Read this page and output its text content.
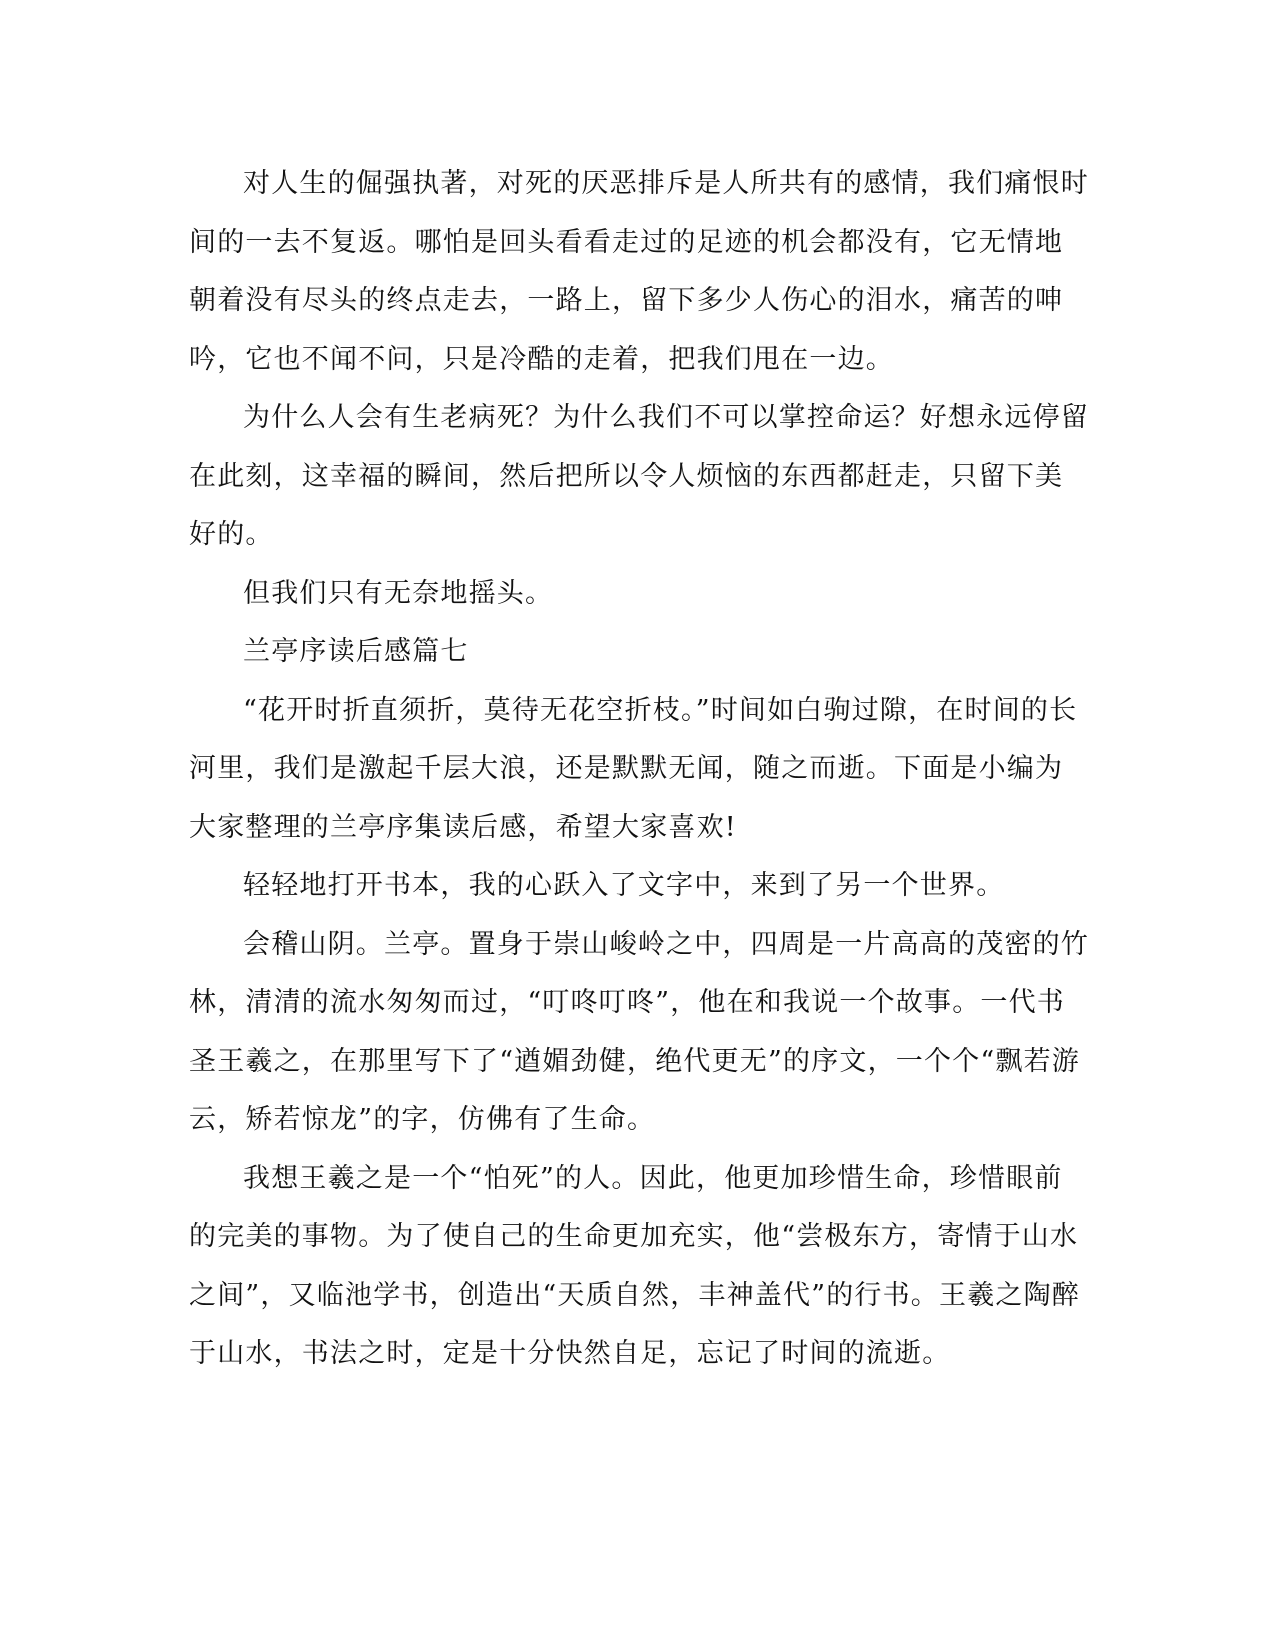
对人生的倔强执著，对死的厌恶排斥是人所共有的感情，我们痛恨时间的一去不复返。哪怕是回头看看走过的足迹的机会都没有，它无情地朝着没有尽头的终点走去，一路上，留下多少人伤心的泪水，痛苦的呻吟，它也不闻不问，只是冷酷的走着，把我们甩在一边。

为什么人会有生老病死？为什么我们不可以掌控命运？好想永远停留在此刻，这幸福的瞬间，然后把所以令人烦恼的东西都赶走，只留下美好的。

但我们只有无奈地摇头。

兰亭序读后感篇七

“花开时折直须折，莫待无花空折枝。”时间如白驹过隙，在时间的长河里，我们是激起千层大浪，还是默默无闻，随之而逝。下面是小编为大家整理的兰亭序集读后感，希望大家喜欢!

轻轻地打开书本，我的心跃入了文字中，来到了另一个世界。

会稽山阴。兰亭。置身于崇山峻岭之中，四周是一片高高的茂密的竹林，清清的流水匆匆而过，“叮咚叮咚”，他在和我说一个故事。一代书圣王羲之，在那里写下了“遒媚劲健，绝代更无”的序文，一个个“飘若游云，矫若惊龙”的字，仿佛有了生命。

我想王羲之是一个“怕死”的人。因此，他更加珍惜生命，珍惜眼前的完美的事物。为了使自己的生命更加充实，他“尝极东方，寄情于山水之间”，又临池学书，创造出“天质自然，丰神盖代”的行书。王羲之陶醉于山水，书法之时，定是十分快然自足，忘记了时间的流逝。
